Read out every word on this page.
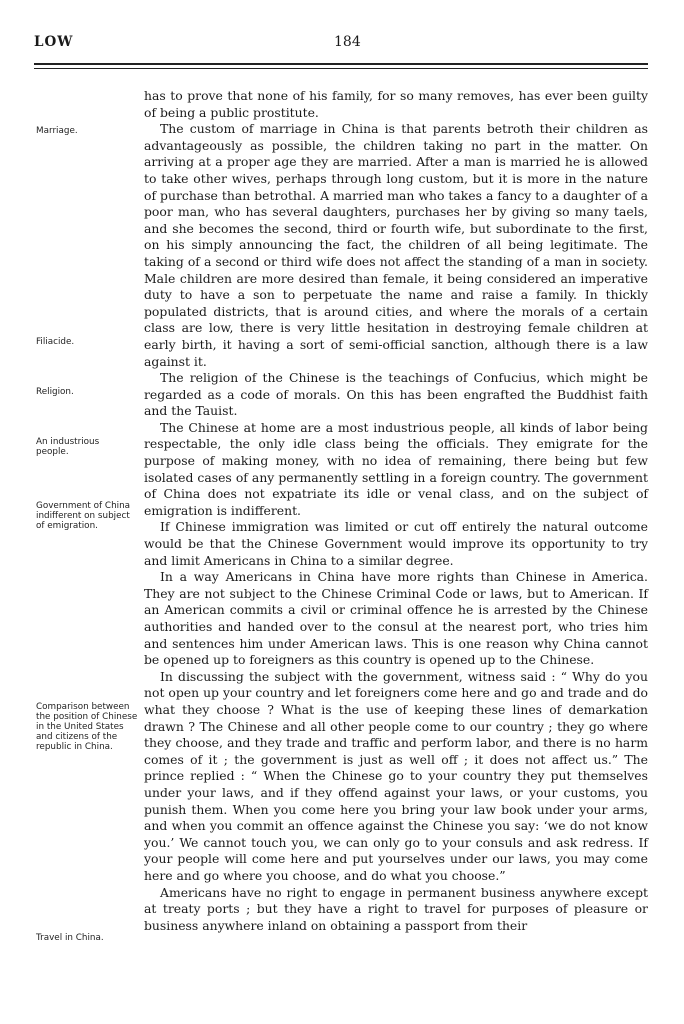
LOW	184
Marriage.
Filiacide.
Religion.
An industrious people.
Government of China indifferent on subject of emigration.
Comparison between the position of Chinese in the United States and citizens of the republic in China.
Travel in China.

has to prove that none of his family, for so many removes, has ever been guilty of being a public prostitute.

The custom of marriage in China is that parents betroth their children as advantageously as possible, the children taking no part in the matter. On arriving at a proper age they are married. After a man is married he is allowed to take other wives, perhaps through long custom, but it is more in the nature of purchase than betrothal. A married man who takes a fancy to a daughter of a poor man, who has several daughters, purchases her by giving so many taels, and she becomes the second, third or fourth wife, but subordinate to the first, on his simply announcing the fact, the children of all being legitimate. The taking of a second or third wife does not affect the standing of a man in society. Male children are more desired than female, it being considered an imperative duty to have a son to perpetuate the name and raise a family. In thickly populated districts, that is around cities, and where the morals of a certain class are low, there is very little hesitation in destroying female children at early birth, it having a sort of semi-official sanction, although there is a law against it.

The religion of the Chinese is the teachings of Confucius, which might be regarded as a code of morals. On this has been engrafted the Buddhist faith and the Tauist.

The Chinese at home are a most industrious people, all kinds of labor being respectable, the only idle class being the officials. They emigrate for the purpose of making money, with no idea of remaining, there being but few isolated cases of any permanently settling in a foreign country. The government of China does not expatriate its idle or venal class, and on the subject of emigration is indifferent.

If Chinese immigration was limited or cut off entirely the natural outcome would be that the Chinese Government would improve its opportunity to try and limit Americans in China to a similar degree.

In a way Americans in China have more rights than Chinese in America. They are not subject to the Chinese Criminal Code or laws, but to American. If an American commits a civil or criminal offence he is arrested by the Chinese authorities and handed over to the consul at the nearest port, who tries him and sentences him under American laws. This is one reason why China cannot be opened up to foreigners as this country is opened up to the Chinese.

In discussing the subject with the government, witness said : “ Why do you not open up your country and let foreigners come here and go and trade and do what they choose ? What is the use of keeping these lines of demarkation drawn ? The Chinese and all other people come to our country ; they go where they choose, and they trade and traffic and perform labor, and there is no harm comes of it ; the government is just as well off ; it does not affect us.” The prince replied : “ When the Chinese go to your country they put themselves under your laws, and if they offend against your laws, or your customs, you punish them. When you come here you bring your law book under your arms, and when you commit an offence against the Chinese you say: ‘we do not know you.’ We cannot touch you, we can only go to your consuls and ask redress. If your people will come here and put yourselves under our laws, you may come here and go where you choose, and do what you choose.”

Americans have no right to engage in permanent business anywhere except at treaty ports ; but they have a right to travel for purposes of pleasure or business anywhere inland on obtaining a passport from their
